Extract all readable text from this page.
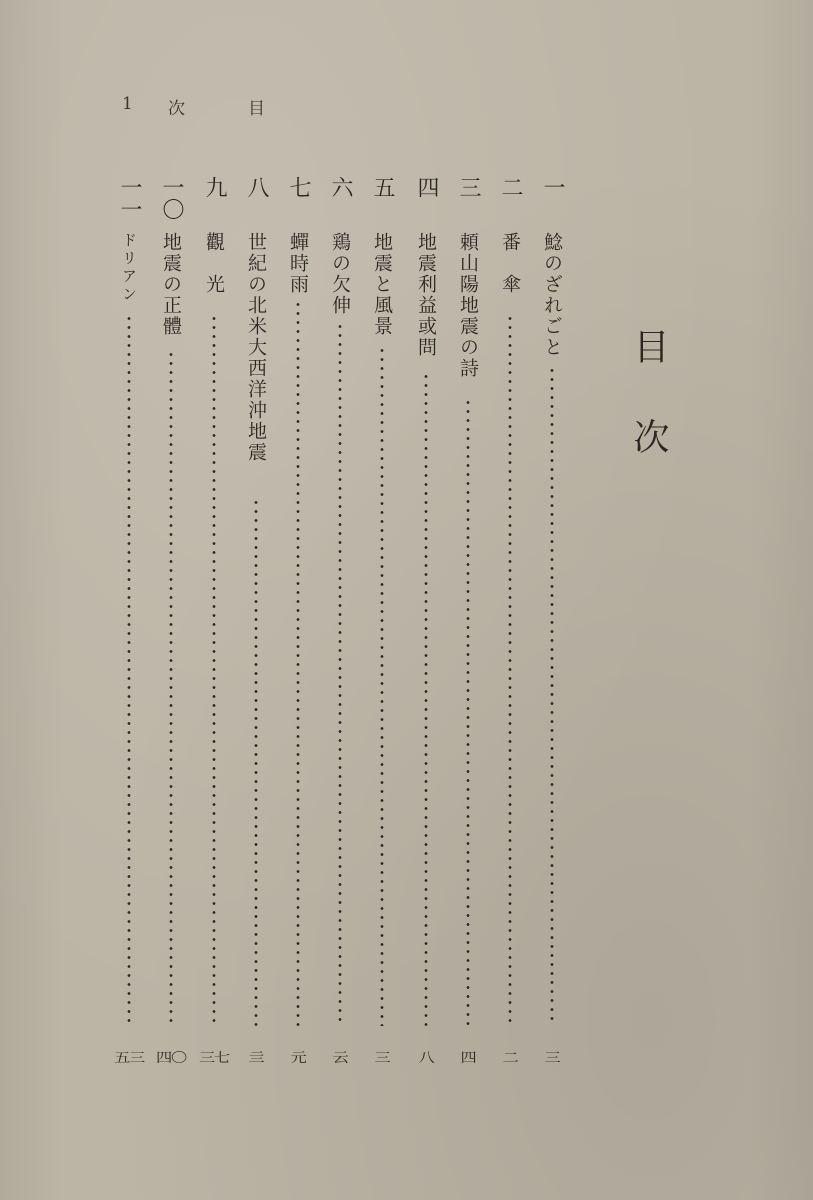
1 次	目
目次
一
鯰のざれごと
三
二
番　傘
二
三
頼山陽地震の詩
四
四
地震利益或問
八
五
地震と風景
三
六
鶏の欠伸
云
七
蟬時雨
元
八
世紀の北米大西洋沖地震
亖
九
觀　光
三七
一〇
地震の正體
四〇
一一
ドリアン
五三
